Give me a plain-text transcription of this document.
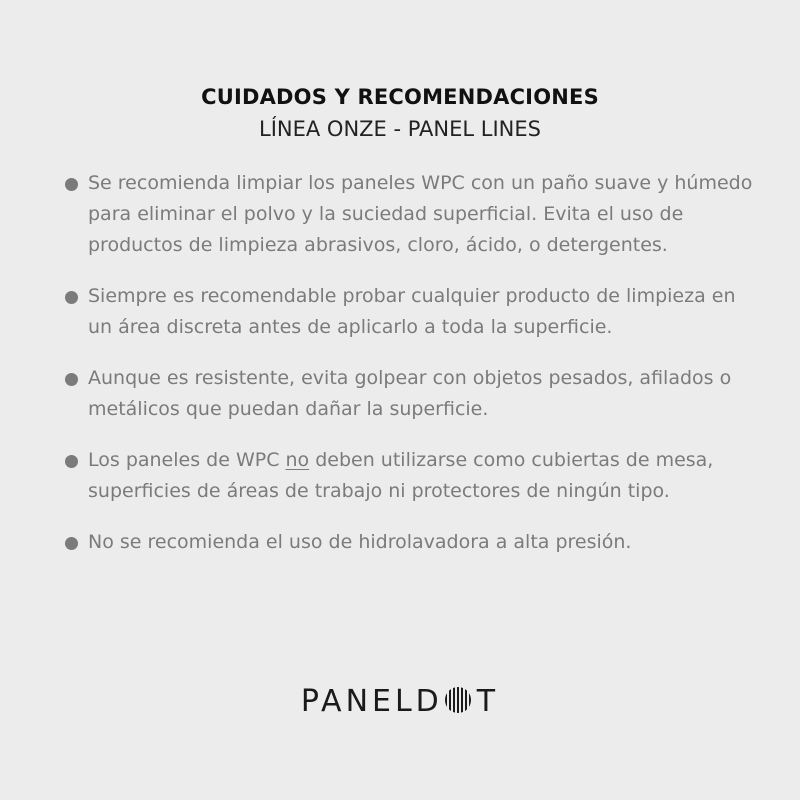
CUIDADOS Y RECOMENDACIONES

LÍNEA ONZE - PANEL LINES

Se recomienda limpiar los paneles WPC con un paño suave y húmedo para eliminar el polvo y la suciedad superficial. Evita el uso de productos de limpieza abrasivos, cloro, ácido, o detergentes.
Siempre es recomendable probar cualquier producto de limpieza en un área discreta antes de aplicarlo a toda la superficie.
Aunque es resistente, evita golpear con objetos pesados, afilados o metálicos que puedan dañar la superficie.
Los paneles de WPC no deben utilizarse como cubiertas de mesa, superficies de áreas de trabajo ni protectores de ningún tipo.
No se recomienda el uso de hidrolavadora a alta presión.
PANELD T
